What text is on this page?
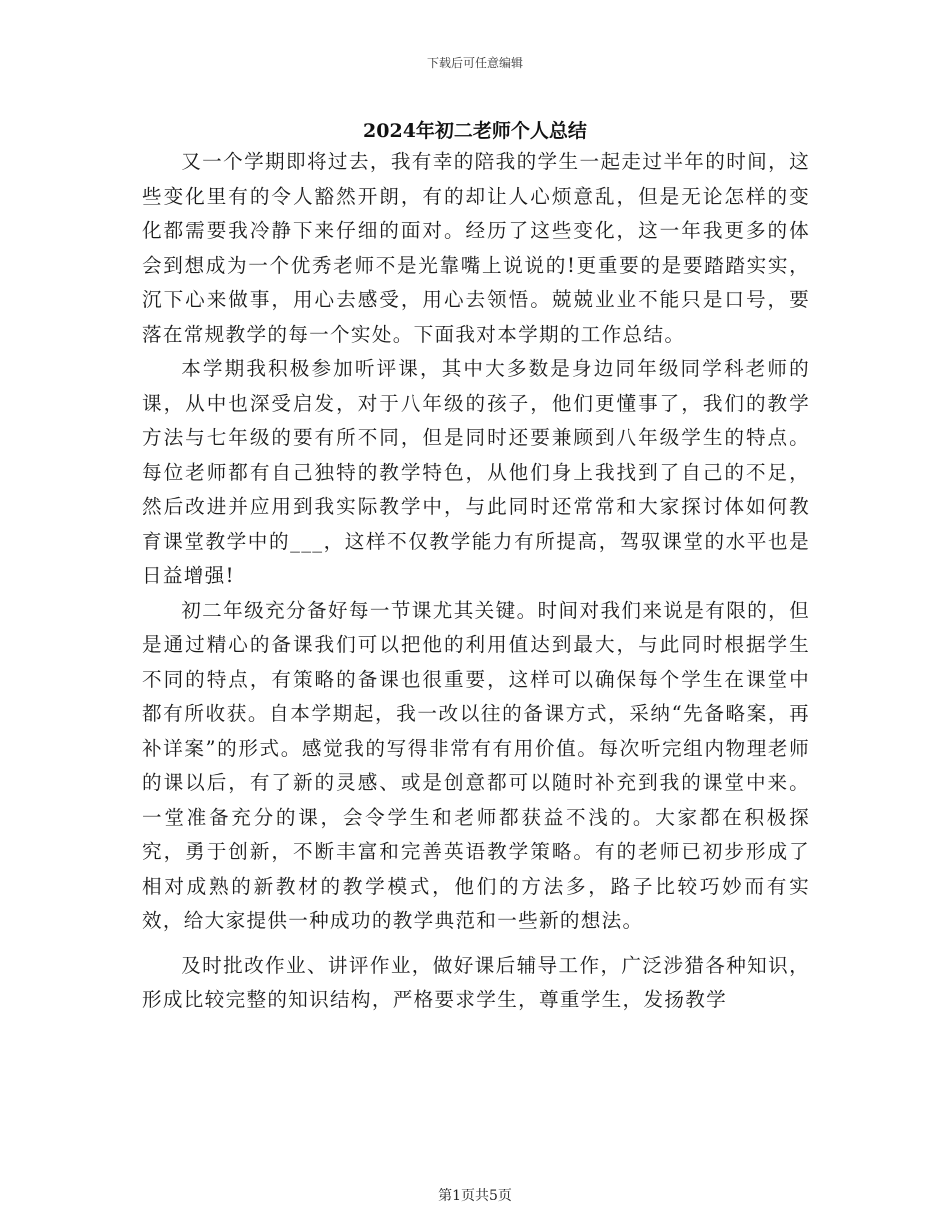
下载后可任意编辑
2024年初二老师个人总结

又一个学期即将过去，我有幸的陪我的学生一起走过半年的时间，这些变化里有的令人豁然开朗，有的却让人心烦意乱，但是无论怎样的变化都需要我冷静下来仔细的面对。经历了这些变化，这一年我更多的体会到想成为一个优秀老师不是光靠嘴上说说的!更重要的是要踏踏实实，沉下心来做事，用心去感受，用心去领悟。兢兢业业不能只是口号，要落在常规教学的每一个实处。下面我对本学期的工作总结。

本学期我积极参加听评课，其中大多数是身边同年级同学科老师的课，从中也深受启发，对于八年级的孩子，他们更懂事了，我们的教学方法与七年级的要有所不同，但是同时还要兼顾到八年级学生的特点。每位老师都有自己独特的教学特色，从他们身上我找到了自己的不足，然后改进并应用到我实际教学中，与此同时还常常和大家探讨体如何教育课堂教学中的___，这样不仅教学能力有所提高，驾驭课堂的水平也是日益增强!

初二年级充分备好每一节课尤其关键。时间对我们来说是有限的，但是通过精心的备课我们可以把他的利用值达到最大，与此同时根据学生不同的特点，有策略的备课也很重要，这样可以确保每个学生在课堂中都有所收获。自本学期起，我一改以往的备课方式，采纳“先备略案，再补详案”的形式。感觉我的写得非常有有用价值。每次听完组内物理老师的课以后，有了新的灵感、或是创意都可以随时补充到我的课堂中来。一堂准备充分的课，会令学生和老师都获益不浅的。大家都在积极探究，勇于创新，不断丰富和完善英语教学策略。有的老师已初步形成了相对成熟的新教材的教学模式，他们的方法多，路子比较巧妙而有实效，给大家提供一种成功的教学典范和一些新的想法。

及时批改作业、讲评作业，做好课后辅导工作，广泛涉猎各种知识，形成比较完整的知识结构，严格要求学生，尊重学生，发扬教学

第1页共5页
